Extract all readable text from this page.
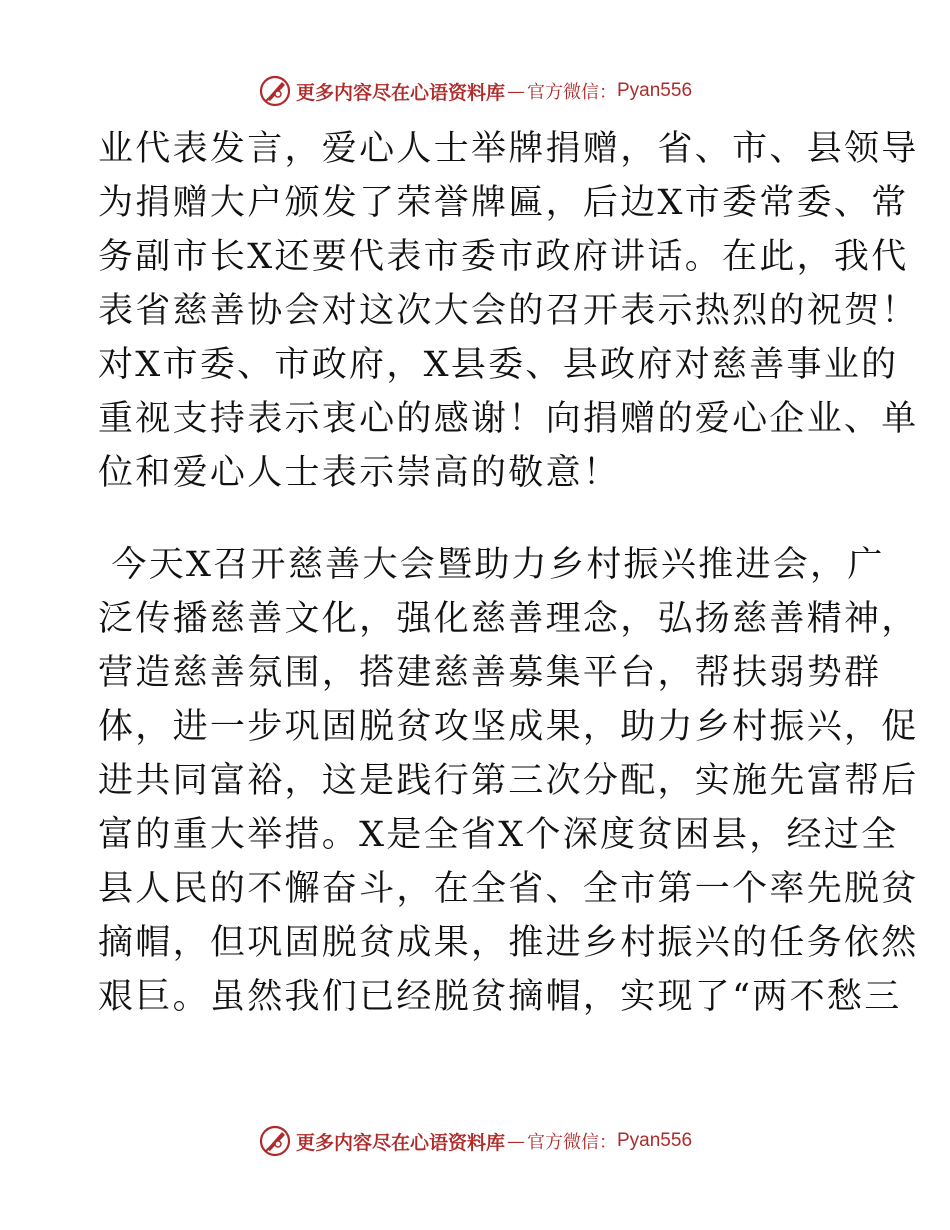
更多内容尽在心语资料库 — 官方微信： Pyan556
业代表发言，爱心人士举牌捐赠，省、市、县领导
为捐赠大户颁发了荣誉牌匾，后边X市委常委、常
务副市长X还要代表市委市政府讲话。在此，我代
表省慈善协会对这次大会的召开表示热烈的祝贺！
对X市委、市政府，X县委、县政府对慈善事业的
重视支持表示衷心的感谢！向捐赠的爱心企业、单
位和爱心人士表示崇高的敬意！
今天X召开慈善大会暨助力乡村振兴推进会，广
泛传播慈善文化，强化慈善理念，弘扬慈善精神，
营造慈善氛围，搭建慈善募集平台，帮扶弱势群
体，进一步巩固脱贫攻坚成果，助力乡村振兴，促
进共同富裕，这是践行第三次分配，实施先富帮后
富的重大举措。X是全省X个深度贫困县，经过全
县人民的不懈奋斗，在全省、全市第一个率先脱贫
摘帽，但巩固脱贫成果，推进乡村振兴的任务依然
艰巨。虽然我们已经脱贫摘帽，实现了“两不愁三
更多内容尽在心语资料库 — 官方微信： Pyan556
